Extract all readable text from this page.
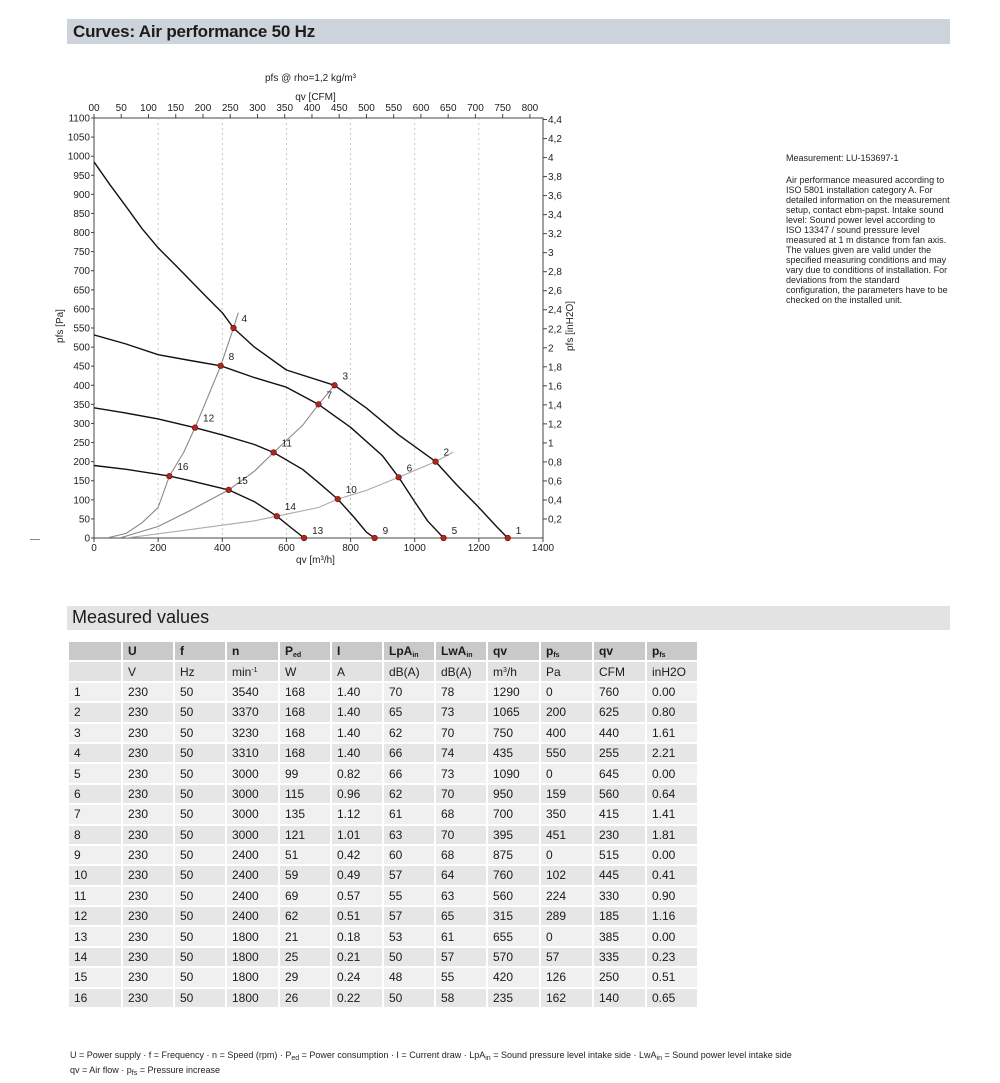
Curves: Air performance 50 Hz
0	200	400	600	800	1000	1200	1400
0
50
100
150
200
250
300
350
400
450
500
550
600
650
700
750
800
850
900
950
1000
1050
1100
00 50 100 150 200 250 300 350 400 450 500 550 600 650 700 750 800
0,2
0,4
0,6
0,8
1
1,2
1,4
1,6
1,8
2
2,2
2,4
2,6
2,8
3
3,2
3,4
3,6
3,8
4
4,2
4,4
pfs @ rho=1,2 kg/m³
qv [CFM]
qv [m³/h]
pfs [Pa]	pfs [inH2O]
1
2
3
4
5
6
7
8
9
10
11
12
13
14
15
16
Measurement: LU-153697-1
Air performance measured according to ISO 5801 installation category A. For detailed information on the measurement setup, contact ebm-papst. Intake sound level: Sound power level according to ISO 13347 / sound pressure level measured at 1 m distance from fan axis. The values given are valid under the specified measuring conditions and may vary due to conditions of installation. For deviations from the standard configuration, the parameters have to be checked on the installed unit.
Measured values
	U	f	n	$P_{ed}$	I	LpA$_{in}$	LwA$_{in}$	qv	$p_{fs}$	qv	$p_{fs}$
	V	Hz	$\min^{-1}$	W	A	dB(A)	dB(A)	$m^3/h$	Pa	CFM	inH2O
1	230	50	3540	168	1.40	70	78	1290	0	760	0.00
2	230	50	3370	168	1.40	65	73	1065	200	625	0.80
3	230	50	3230	168	1.40	62	70	750	400	440	1.61
4	230	50	3310	168	1.40	66	74	435	550	255	2.21
5	230	50	3000	99	0.82	66	73	1090	0	645	0.00
6	230	50	3000	115	0.96	62	70	950	159	560	0.64
7	230	50	3000	135	1.12	61	68	700	350	415	1.41
8	230	50	3000	121	1.01	63	70	395	451	230	1.81
9	230	50	2400	51	0.42	60	68	875	0	515	0.00
10	230	50	2400	59	0.49	57	64	760	102	445	0.41
11	230	50	2400	69	0.57	55	63	560	224	330	0.90
12	230	50	2400	62	0.51	57	65	315	289	185	1.16
13	230	50	1800	21	0.18	53	61	655	0	385	0.00
14	230	50	1800	25	0.21	50	57	570	57	335	0.23
15	230	50	1800	29	0.24	48	55	420	126	250	0.51
16	230	50	1800	26	0.22	50	58	235	162	140	0.65
U = Power supply · f = Frequency · n = Speed $(rpm) \cdot P_{ed}$ = Power consumption · I = Current draw · LpA$_{in}$ = Sound pressure level intake side · LwA$_{in}$ = Sound power level intake side
qv = Air flow · $p_{fs}$ = Pressure increase
